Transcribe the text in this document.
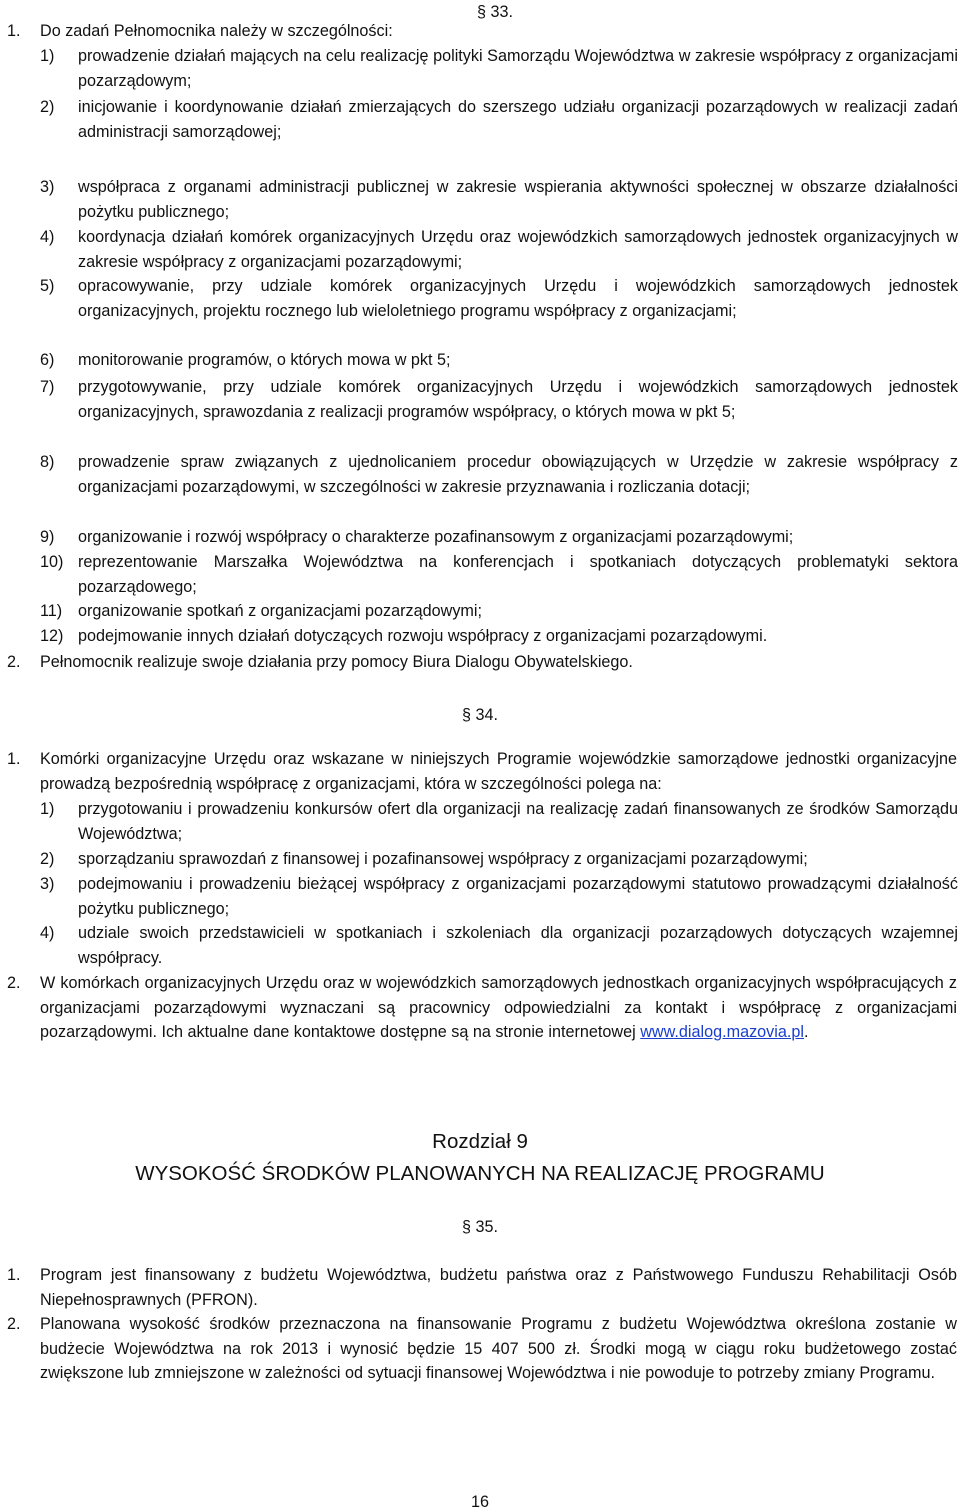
§ 33.
1. Do zadań Pełnomocnika należy w szczególności:
1) prowadzenie działań mających na celu realizację polityki Samorządu Województwa w zakresie współpracy z organizacjami pozarządowym;
2) inicjowanie i koordynowanie działań zmierzających do szerszego udziału organizacji pozarządowych w realizacji zadań administracji samorządowej;
3) współpraca z organami administracji publicznej w zakresie wspierania aktywności społecznej w obszarze działalności pożytku publicznego;
4) koordynacja działań komórek organizacyjnych Urzędu oraz wojewódzkich samorządowych jednostek organizacyjnych w zakresie współpracy z organizacjami pozarządowymi;
5) opracowywanie, przy udziale komórek organizacyjnych Urzędu i wojewódzkich samorządowych jednostek organizacyjnych, projektu rocznego lub wieloletniego programu współpracy z organizacjami;
6) monitorowanie programów, o których mowa w pkt 5;
7) przygotowywanie, przy udziale komórek organizacyjnych Urzędu i wojewódzkich samorządowych jednostek organizacyjnych, sprawozdania z realizacji programów współpracy, o których mowa w pkt 5;
8) prowadzenie spraw związanych z ujednolicaniem procedur obowiązujących w Urzędzie w zakresie współpracy z organizacjami pozarządowymi, w szczególności w zakresie przyznawania i rozliczania dotacji;
9) organizowanie i rozwój współpracy o charakterze pozafinansowym z organizacjami pozarządowymi;
10) reprezentowanie Marszałka Województwa na konferencjach i spotkaniach dotyczących problematyki sektora pozarządowego;
11) organizowanie spotkań z organizacjami pozarządowymi;
12) podejmowanie innych działań dotyczących rozwoju współpracy z organizacjami pozarządowymi.
2. Pełnomocnik realizuje swoje działania przy pomocy Biura Dialogu Obywatelskiego.
§ 34.
1. Komórki organizacyjne Urzędu oraz wskazane w niniejszych Programie wojewódzkie samorządowe jednostki organizacyjne prowadzą bezpośrednią współpracę z organizacjami, która w szczególności polega na:
1) przygotowaniu i prowadzeniu konkursów ofert dla organizacji na realizację zadań finansowanych ze środków Samorządu Województwa;
2) sporządzaniu sprawozdań z finansowej i pozafinansowej współpracy z organizacjami pozarządowymi;
3) podejmowaniu i prowadzeniu bieżącej współpracy z organizacjami pozarządowymi statutowo prowadzącymi działalność pożytku publicznego;
4) udziale swoich przedstawicieli w spotkaniach i szkoleniach dla organizacji pozarządowych dotyczących wzajemnej współpracy.
2. W komórkach organizacyjnych Urzędu oraz w wojewódzkich samorządowych jednostkach organizacyjnych współpracujących z organizacjami pozarządowymi wyznaczani są pracownicy odpowiedzialni za kontakt i współpracę z organizacjami pozarządowymi. Ich aktualne dane kontaktowe dostępne są na stronie internetowej www.dialog.mazovia.pl.
Rozdział 9
WYSOKOŚĆ ŚRODKÓW PLANOWANYCH NA REALIZACJĘ PROGRAMU
§ 35.
1. Program jest finansowany z budżetu Województwa, budżetu państwa oraz z Państwowego Funduszu Rehabilitacji Osób Niepełnosprawnych (PFRON).
2. Planowana wysokość środków przeznaczona na finansowanie Programu z budżetu Województwa określona zostanie w budżecie Województwa na rok 2013 i wynosić będzie 15 407 500 zł. Środki mogą w ciągu roku budżetowego zostać zwiększone lub zmniejszone w zależności od sytuacji finansowej Województwa i nie powoduje to potrzeby zmiany Programu.
16
